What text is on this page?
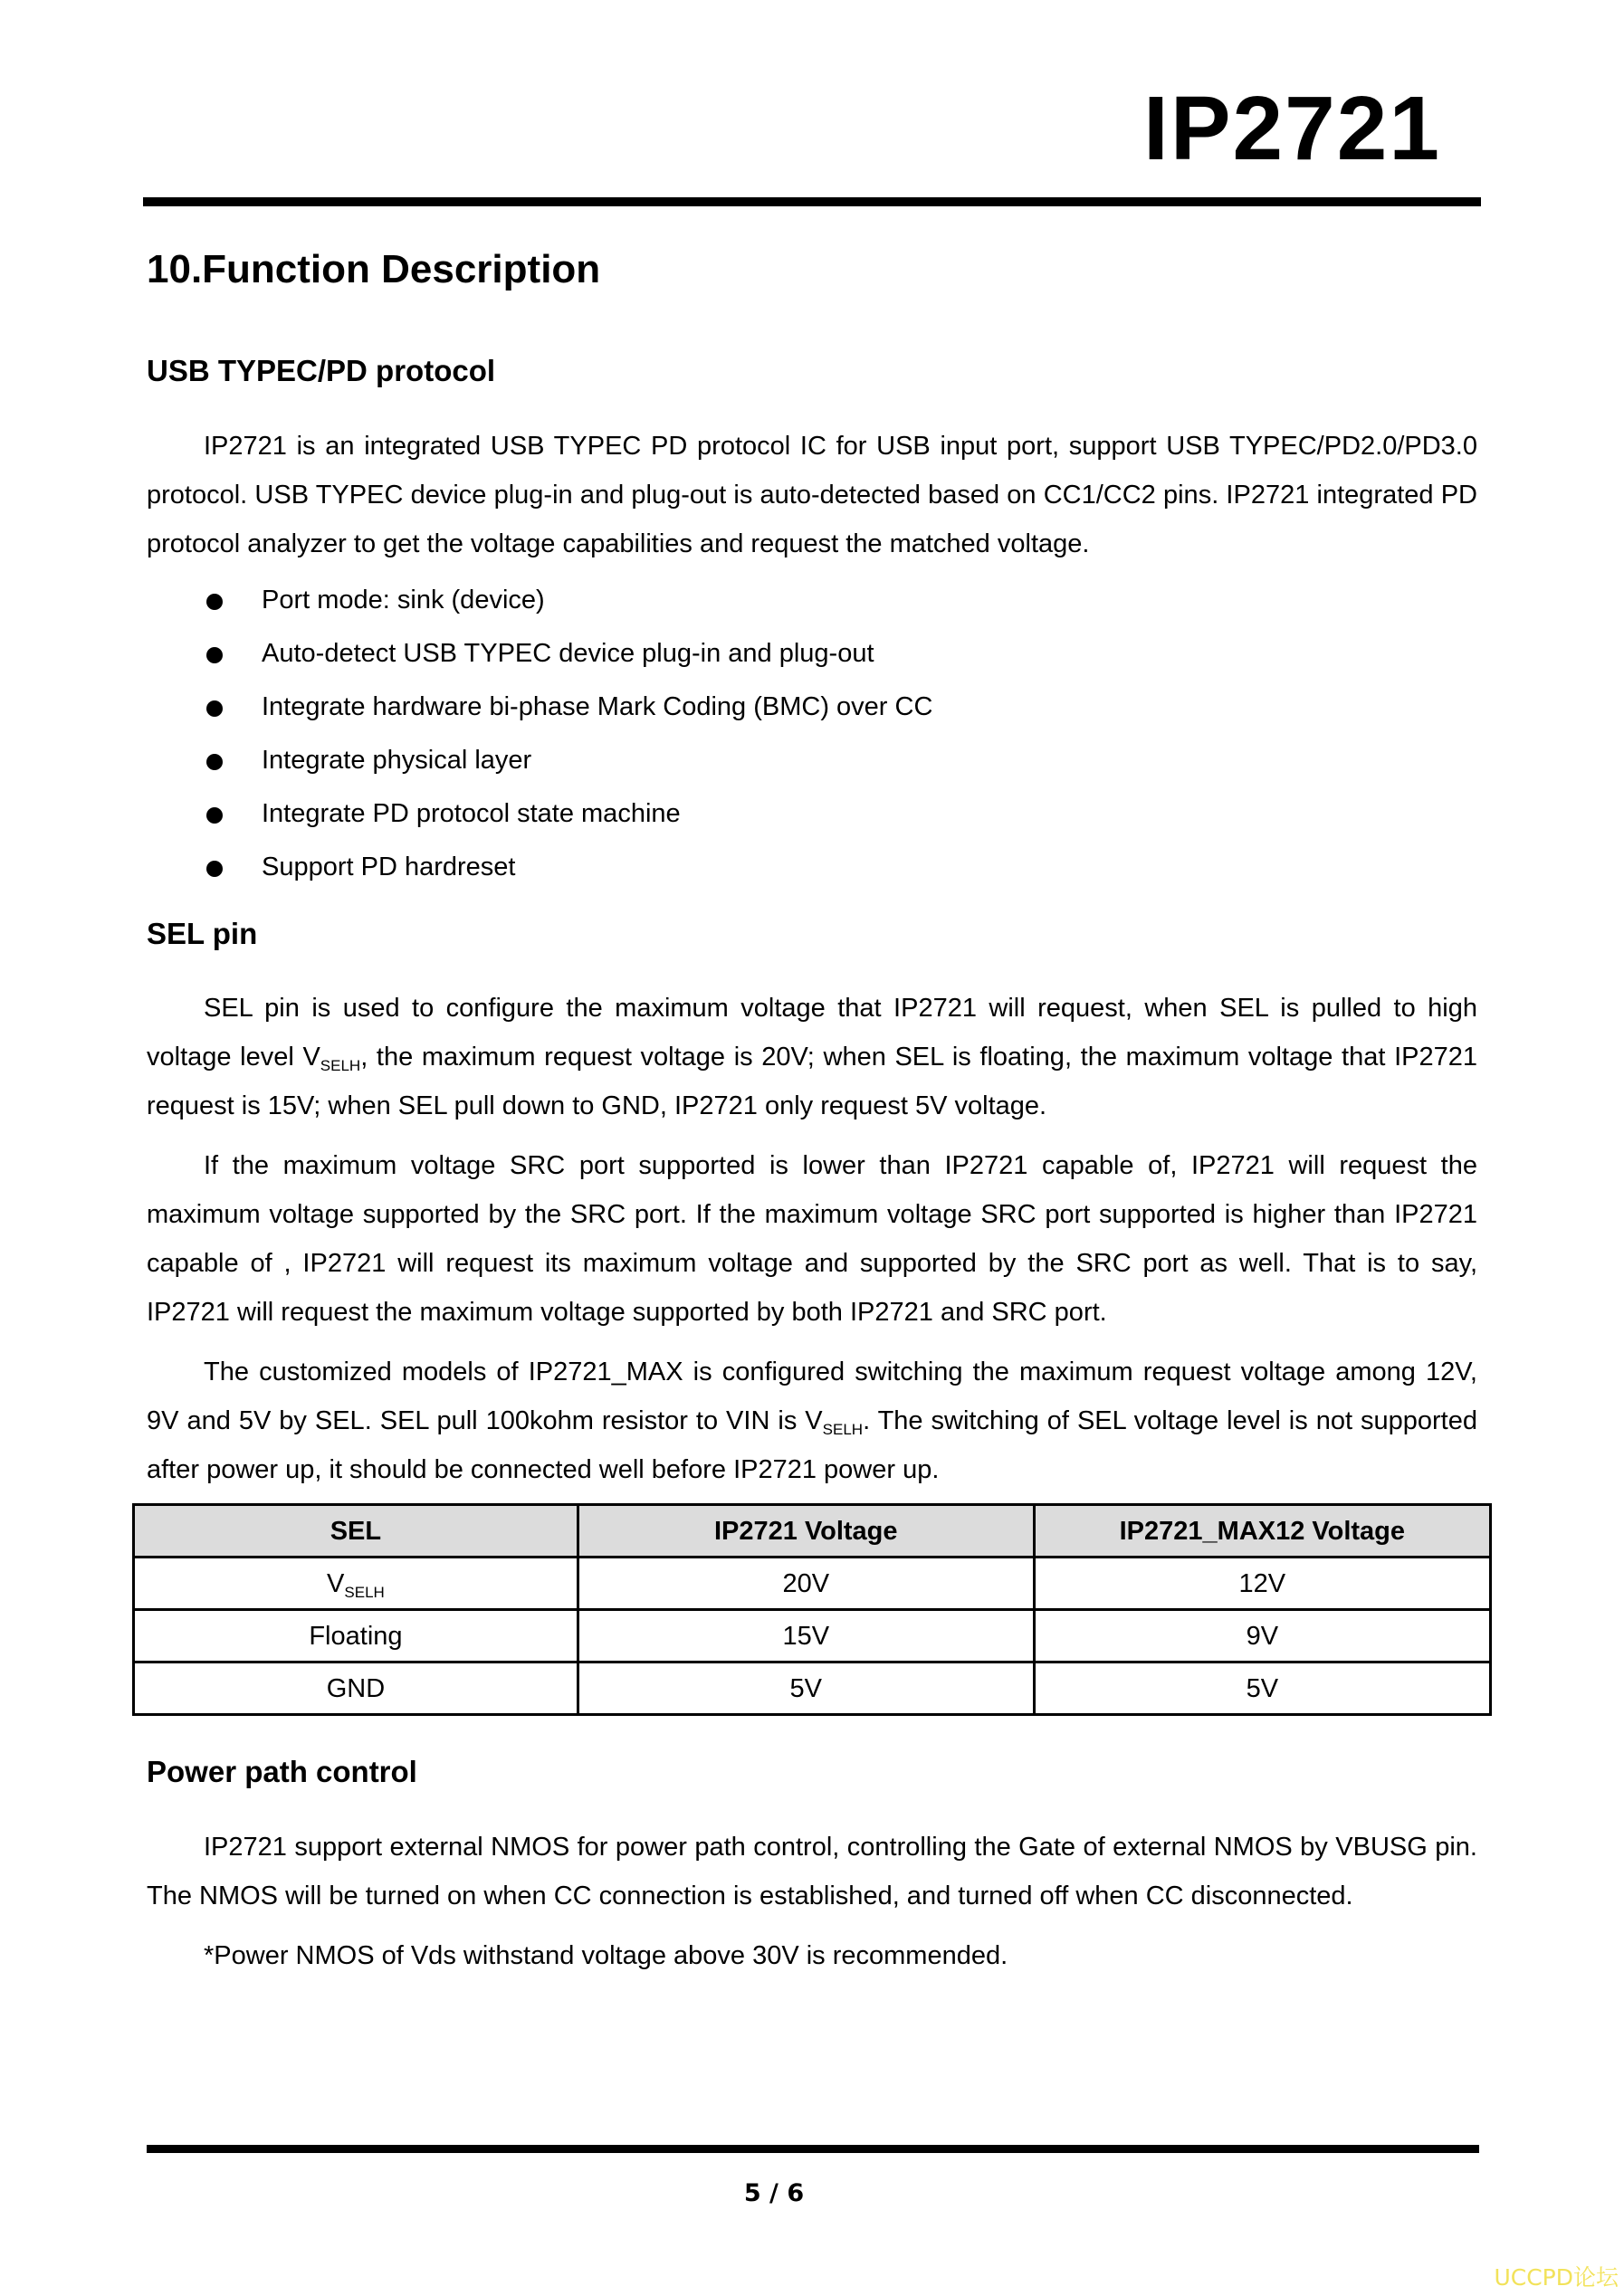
IP2721
10.Function Description
USB TYPEC/PD protocol

IP2721 is an integrated USB TYPEC PD protocol IC for USB input port, support USB TYPEC/PD2.0/PD3.0 protocol. USB TYPEC device plug-in and plug-out is auto-detected based on CC1/CC2 pins. IP2721 integrated PD protocol analyzer to get the voltage capabilities and request the matched voltage.

Port mode: sink (device)
Auto-detect USB TYPEC device plug-in and plug-out
Integrate hardware bi-phase Mark Coding (BMC) over CC
Integrate physical layer
Integrate PD protocol state machine
Support PD hardreset
SEL pin

SEL pin is used to configure the maximum voltage that IP2721 will request, when SEL is pulled to high voltage level $V_{SELH}$, the maximum request voltage is 20V; when SEL is floating, the maximum voltage that IP2721 request is 15V; when SEL pull down to GND, IP2721 only request 5V voltage.

If the maximum voltage SRC port supported is lower than IP2721 capable of, IP2721 will request the maximum voltage supported by the SRC port. If the maximum voltage SRC port supported is higher than IP2721 capable of , IP2721 will request its maximum voltage and supported by the SRC port as well. That is to say, IP2721 will request the maximum voltage supported by both IP2721 and SRC port.

The customized models of IP2721_MAX is configured switching the maximum request voltage among 12V, 9V and 5V by SEL. SEL pull 100kohm resistor to VIN is $V_{SELH}$. The switching of SEL voltage level is not supported after power up, it should be connected well before IP2721 power up.

SEL	IP2721 Voltage	IP2721_MAX12 Voltage
$V_{SELH}$	20V	12V
Floating	15V	9V
GND	5V	5V
Power path control

IP2721 support external NMOS for power path control, controlling the Gate of external NMOS by VBUSG pin. The NMOS will be turned on when CC connection is established, and turned off when CC disconnected.

*Power NMOS of Vds withstand voltage above 30V is recommended.

5 / 6
UCCPD论坛
